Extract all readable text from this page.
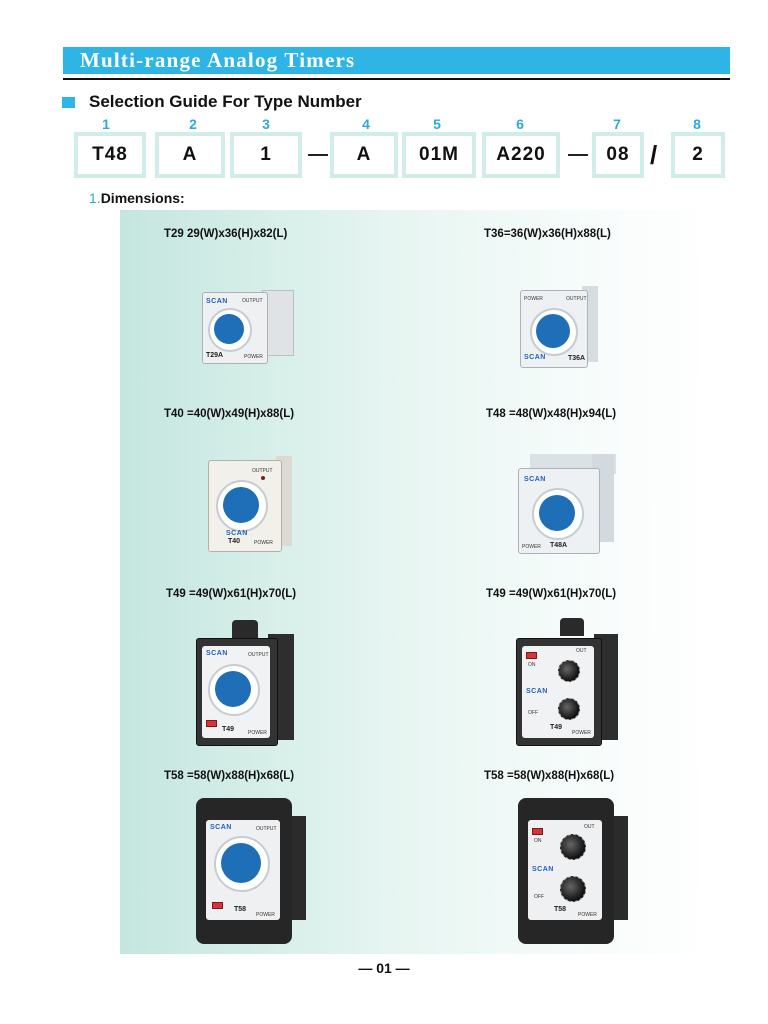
Multi-range Analog Timers
Selection Guide For Type Number
1	2	3	4	5	6	7	8
T48	A	1	A	01M	A220	08 /	2
1.Dimensions:
T29 29(W)x36(H)x82(L)
SCAN	OUTPUT
T29A	POWER
T36=36(W)x36(H)x88(L)
POWER	OUTPUT
SCAN	T36A
T40 =40(W)x49(H)x88(L)
OUTPUT
SCAN
T40	POWER
T48 =48(W)x48(H)x94(L)
SCAN
POWER T48A
T49 =49(W)x61(H)x70(L)
SCAN	OUTPUT
T49	POWER
T49 =49(W)x61(H)x70(L)
OUT
ON
SCAN
OFF
T49
POWER
T58 =58(W)x88(H)x68(L)
SCAN	OUTPUT
T58
POWER
T58 =58(W)x88(H)x68(L)
OUT
ON
SCAN
OFF
T58
POWER
— 01 —
